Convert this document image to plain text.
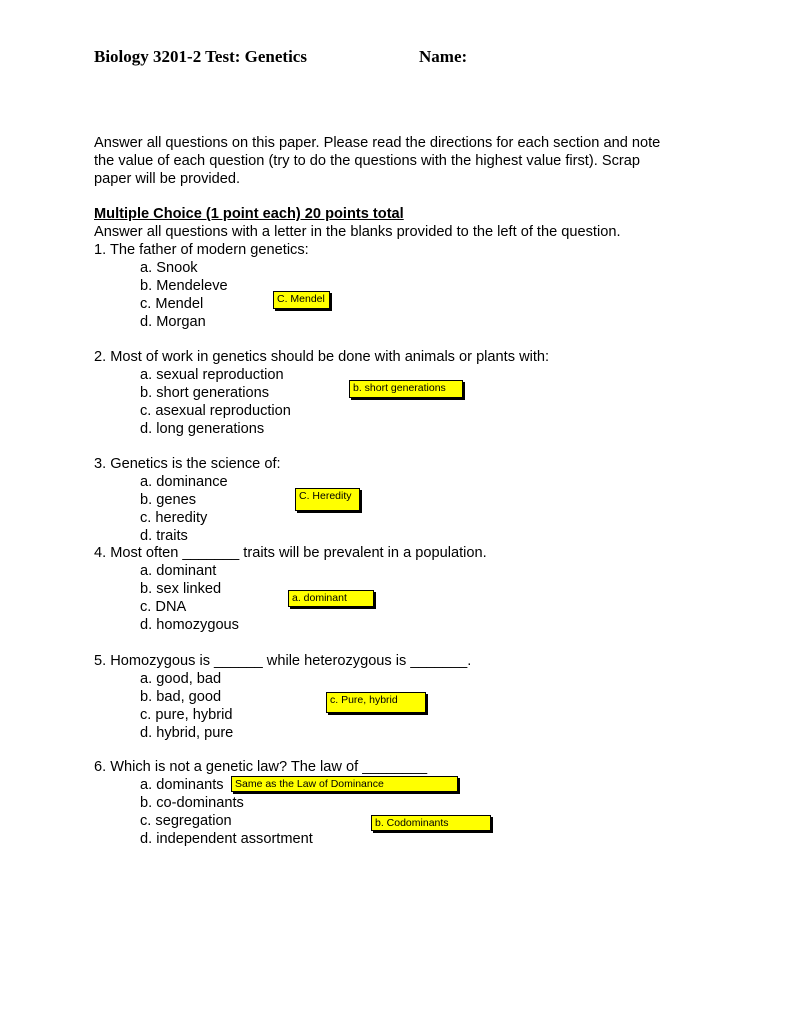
Biology 3201-2 Test: Genetics	Name:
Answer all questions on this paper. Please read the directions for each section and note
the value of each question (try to do the questions with the highest value first). Scrap
paper will be provided.
Multiple Choice (1 point each) 20 points total
Answer all questions with a letter in the blanks provided to the left of the question.
1. The father of modern genetics:
a. Snook
b. Mendeleve
c. Mendel
d. Morgan
C. Mendel
2. Most of work in genetics should be done with animals or plants with:
a. sexual reproduction
b. short generations
c. asexual reproduction
d. long generations
b. short generations
3. Genetics is the science of:
a. dominance
b. genes
c. heredity
d. traits
C. Heredity
4. Most often _______ traits will be prevalent in a population.
a. dominant
b. sex linked
c. DNA
d. homozygous
a. dominant
5. Homozygous is ______ while heterozygous is _______.
a. good, bad
b. bad, good
c. pure, hybrid
d. hybrid, pure
c. Pure, hybrid
6. Which is not a genetic law? The law of ________
a. dominants
b. co-dominants
c. segregation
d. independent assortment
Same as the Law of Dominance
b. Codominants
